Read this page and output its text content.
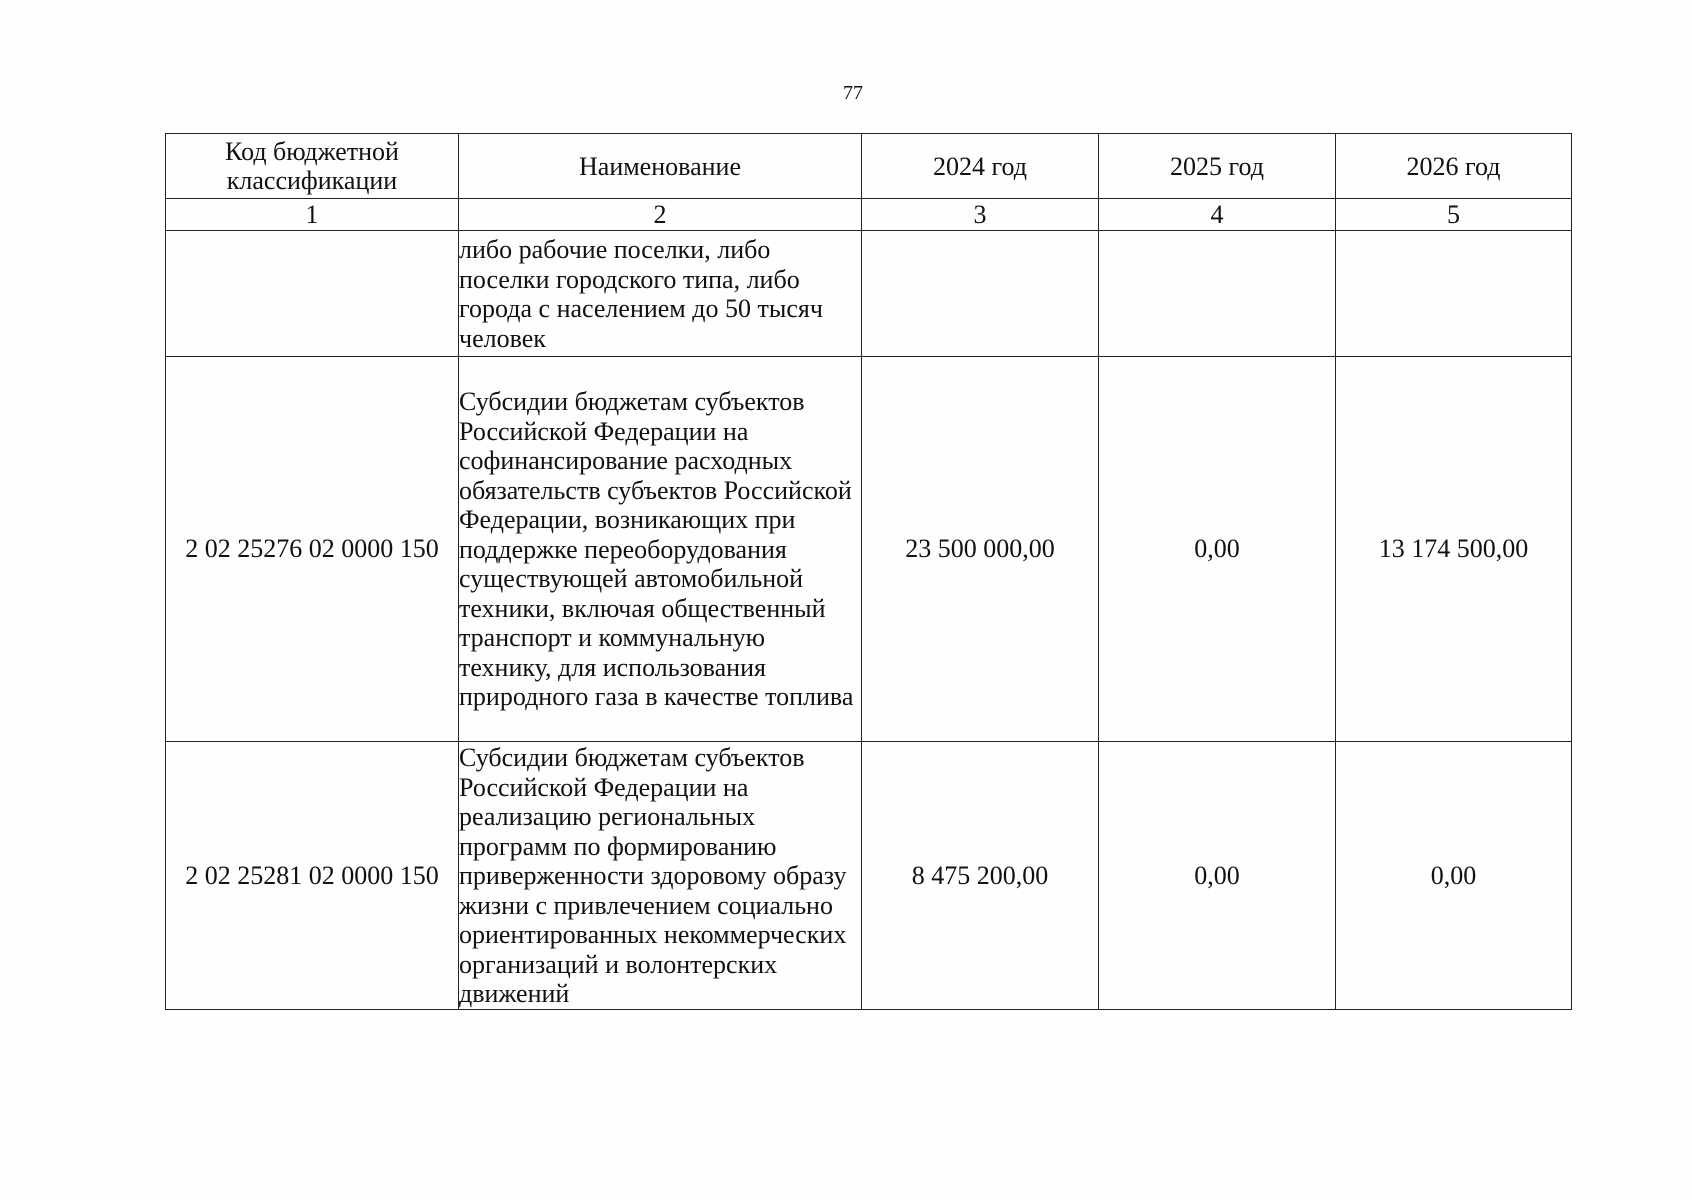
77
Код бюджетной классификации	Наименование	2024 год	2025 год	2026 год
1	2	3	4	5

	либо рабочие поселки, либо поселки городского типа, либо города с населением до 50 тысяч человек			

2 02 25276 02 0000 150	Субсидии бюджетам субъектов Российской Федерации на софинансирование расходных обязательств субъектов Российской Федерации, возникающих при поддержке переоборудования существующей автомобильной техники, включая общественный транспорт и коммунальную технику, для использования природного газа в качестве топлива	23 500 000,00	0,00	13 174 500,00
2 02 25281 02 0000 150	Субсидии бюджетам субъектов Российской Федерации на реализацию региональных программ по формированию приверженности здоровому образу жизни с привлечением социально ориентированных некоммерческих организаций и волонтерских движений	8 475 200,00	0,00	0,00
